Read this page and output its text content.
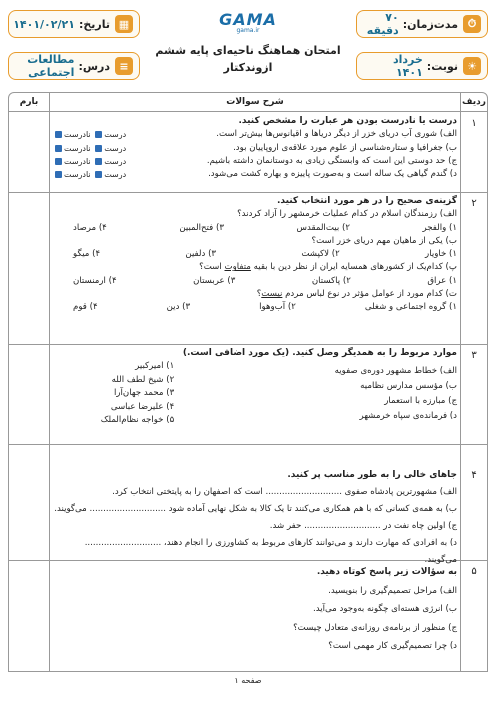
⏱
مدت‌زمان:
۷۰ دقیقه
▦
تاریخ:
۱۴۰۱/۰۲/۲۱
☀
نوبت:
خرداد ۱۴۰۱
≡
درس:
مطالعات اجتماعی
GAMA
gama.ir
امتحان هماهنگ ناحیه‌ای پایه ششم
ازوندکتار
ردیف
شرح سوالات
بارم
۱
درست یا نادرست بودن هر عبارت را مشخص کنید.
الف) شوری آب دریای خزر از دیگر دریاها و اقیانوس‌ها بیش‌تر است.
درست نادرست
ب) جغرافیا و ستاره‌شناسی از علوم مورد علاقه‌ی اروپاییان بود.
درست نادرست
ج) حد دوستی این است که وابستگی زیادی به دوستانمان داشته باشیم.
درست نادرست
د) گندم گیاهی یک ساله است و به‌صورت پاییزه و بهاره کشت می‌شود.
درست نادرست
۲
گزینه‌ی صحیح را در هر مورد انتخاب کنید.
الف) رزمندگان اسلام در کدام عملیات خرمشهر را آزاد کردند؟
۱) والفجر
۲) بیت‌المقدس
۳) فتح‌المبین
۴) مرصاد
ب) یکی از ماهیان مهم دریای خزر است؟
۱) خاویار
۲) لاکپشت
۳) دلفین
۴) میگو
پ) کدام‌یک از کشورهای همسایه ایران از نظر دین با بقیه متفاوت است؟
۱) عراق
۲) پاکستان
۳) عربستان
۴) ارمنستان
ت) کدام مورد از عوامل مؤثر در نوع لباس مردم نیست؟
۱) گروه اجتماعی و شغلی
۲) آب‌وهوا
۳) دین
۴) قوم
۳
موارد مربوط را به همدیگر وصل کنید. (یک مورد اضافی است.)
الف) خطاط مشهور دوره‌ی صفویه
ب) مؤسس مدارس نظامیه
ج) مبارزه با استعمار
د) فرمانده‌ی سپاه خرمشهر
۱) امیرکبیر
۲) شیخ لطف الله
۳) محمد جهان‌آرا
۴) علیرضا عباسی
۵) خواجه نظام‌الملک
۴
جاهای خالی را به طور مناسب پر کنید.
الف) مشهورترین پادشاه صفوی ............................ است که اصفهان را به پایتختی انتخاب کرد.
ب) به همه‌ی کسانی که با هم همکاری می‌کنند تا یک کالا به شکل نهایی آماده شود ............................ می‌گویند.
ج) اولین چاه نفت در ............................ حفر شد.
د) به افرادی که مهارت دارند و می‌توانند کارهای مربوط به کشاورزی را انجام دهند، ............................ می‌گویند.
۵
به سؤالات زیر پاسخ کوتاه دهید.
الف) مراحل تصمیم‌گیری را بنویسید.
ب) انرژی هسته‌ای چگونه به‌وجود می‌آید.
ج) منظور از برنامه‌ی روزانه‌ی متعادل چیست؟
د) چرا تصمیم‌گیری کار مهمی است؟
صفحه ۱
